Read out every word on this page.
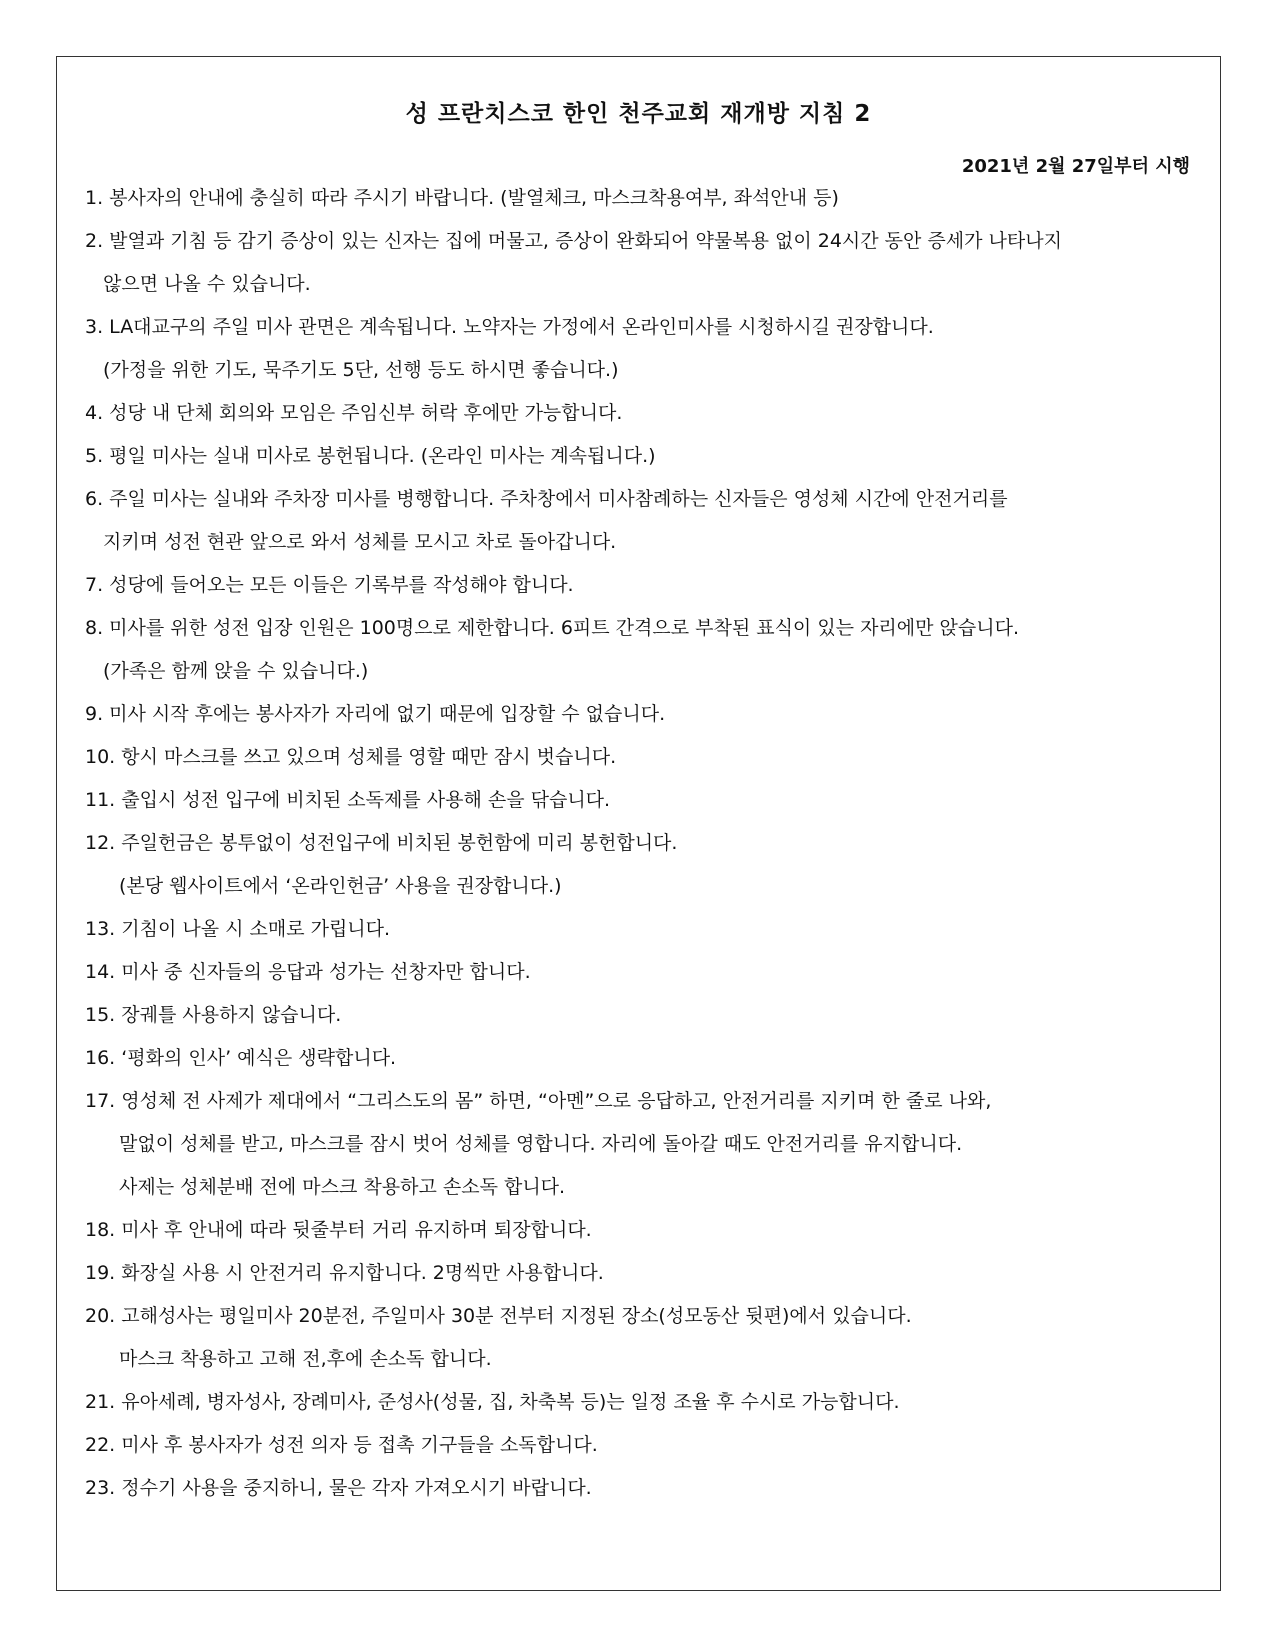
성 프란치스코 한인 천주교회 재개방 지침 2
2021년 2월 27일부터 시행
1. 봉사자의 안내에 충실히 따라 주시기 바랍니다. (발열체크, 마스크착용여부, 좌석안내 등)
2. 발열과 기침 등 감기 증상이 있는 신자는 집에 머물고, 증상이 완화되어 약물복용 없이 24시간 동안 증세가 나타나지
않으면 나올 수 있습니다.
3. LA대교구의 주일 미사 관면은 계속됩니다. 노약자는 가정에서 온라인미사를 시청하시길 권장합니다.
(가정을 위한 기도, 묵주기도 5단, 선행 등도 하시면 좋습니다.)
4. 성당 내 단체 회의와 모임은 주임신부 허락 후에만 가능합니다.
5. 평일 미사는 실내 미사로 봉헌됩니다. (온라인 미사는 계속됩니다.)
6. 주일 미사는 실내와 주차장 미사를 병행합니다. 주차창에서 미사참례하는 신자들은 영성체 시간에 안전거리를
지키며 성전 현관 앞으로 와서 성체를 모시고 차로 돌아갑니다.
7. 성당에 들어오는 모든 이들은 기록부를 작성해야 합니다.
8. 미사를 위한 성전 입장 인원은 100명으로 제한합니다. 6피트 간격으로 부착된 표식이 있는 자리에만 앉습니다.
(가족은 함께 앉을 수 있습니다.)
9. 미사 시작 후에는 봉사자가 자리에 없기 때문에 입장할 수 없습니다.
10. 항시 마스크를 쓰고 있으며 성체를 영할 때만 잠시 벗습니다.
11. 출입시 성전 입구에 비치된 소독제를 사용해 손을 닦습니다.
12. 주일헌금은 봉투없이 성전입구에 비치된 봉헌함에 미리 봉헌합니다.
(본당 웹사이트에서 ‘온라인헌금’ 사용을 권장합니다.)
13. 기침이 나올 시 소매로 가립니다.
14. 미사 중 신자들의 응답과 성가는 선창자만 합니다.
15. 장궤틀 사용하지 않습니다.
16. ‘평화의 인사’ 예식은 생략합니다.
17. 영성체 전 사제가 제대에서 “그리스도의 몸” 하면, “아멘”으로 응답하고, 안전거리를 지키며 한 줄로 나와,
말없이 성체를 받고, 마스크를 잠시 벗어 성체를 영합니다. 자리에 돌아갈 때도 안전거리를 유지합니다.
사제는 성체분배 전에 마스크 착용하고 손소독 합니다.
18. 미사 후 안내에 따라 뒷줄부터 거리 유지하며 퇴장합니다.
19. 화장실 사용 시 안전거리 유지합니다. 2명씩만 사용합니다.
20. 고해성사는 평일미사 20분전, 주일미사 30분 전부터 지정된 장소(성모동산 뒷편)에서 있습니다.
마스크 착용하고 고해 전,후에 손소독 합니다.
21. 유아세례, 병자성사, 장례미사, 준성사(성물, 집, 차축복 등)는 일정 조율 후 수시로 가능합니다.
22. 미사 후 봉사자가 성전 의자 등 접촉 기구들을 소독합니다.
23. 정수기 사용을 중지하니, 물은 각자 가져오시기 바랍니다.
